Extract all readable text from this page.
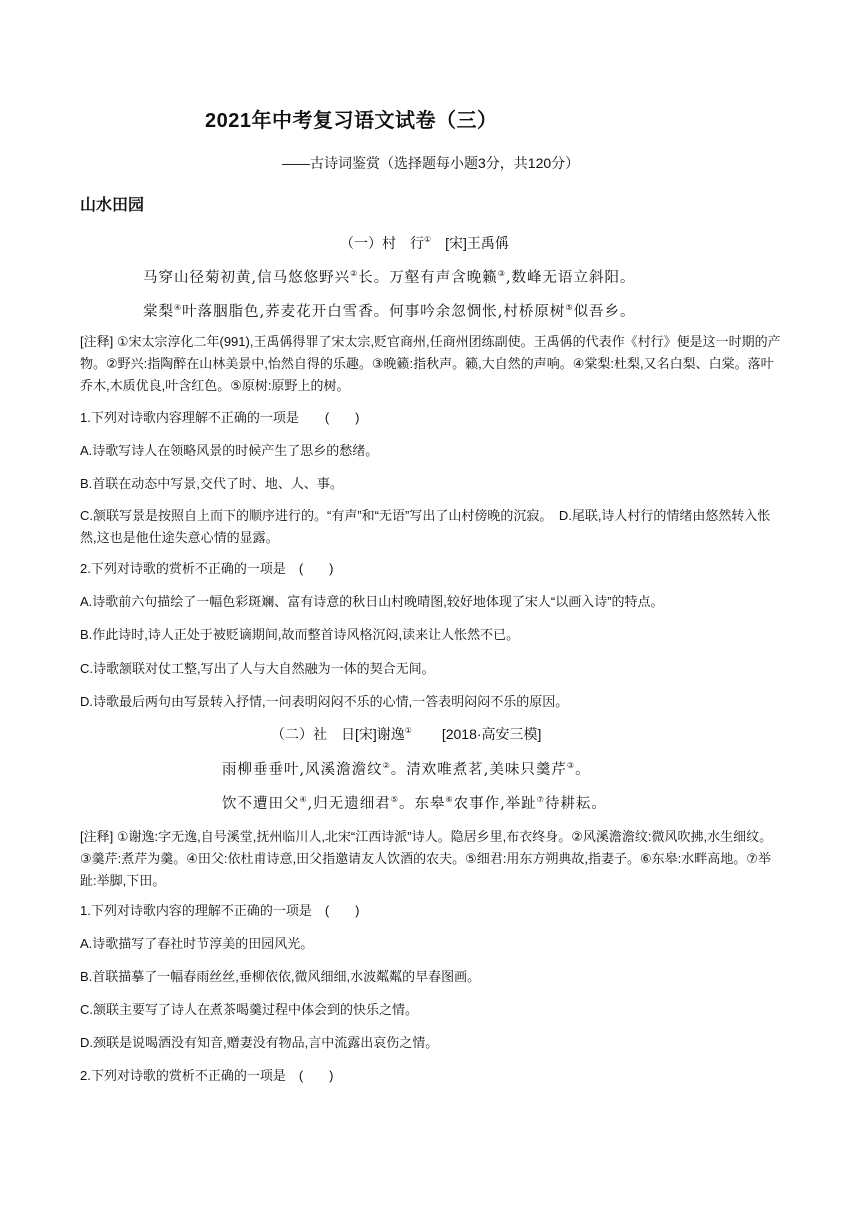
2021年中考复习语文试卷（三）
——古诗词鉴赏（选择题每小题3分，共120分）
山水田园
（一）村　行① [宋]王禹偁
马穿山径菊初黄,信马悠悠野兴②长。万壑有声含晚籁③,数峰无语立斜阳。
棠梨④叶落胭脂色,荞麦花开白雪香。何事吟余忽惆怅,村桥原树⑤似吾乡。
[注释] ①宋太宗淳化二年(991),王禹偁得罪了宋太宗,贬官商州,任商州团练副使。王禹偁的代表作《村行》便是这一时期的产物。②野兴:指陶醉在山林美景中,怡然自得的乐趣。③晚籁:指秋声。籁,大自然的声响。④棠梨:杜梨,又名白梨、白棠。落叶乔木,木质优良,叶含红色。⑤原树:原野上的树。
1.下列对诗歌内容理解不正确的一项是　　(　　)
A.诗歌写诗人在领略风景的时候产生了思乡的愁绪。
B.首联在动态中写景,交代了时、地、人、事。
C.颔联写景是按照自上而下的顺序进行的。“有声”和“无语”写出了山村傍晚的沉寂。　D.尾联,诗人村行的情绪由悠然转入怅然,这也是他仕途失意心情的显露。
2.下列对诗歌的赏析不正确的一项是　(　　)
A.诗歌前六句描绘了一幅色彩斑斓、富有诗意的秋日山村晚晴图,较好地体现了宋人“以画入诗”的特点。
B.作此诗时,诗人正处于被贬谪期间,故而整首诗风格沉闷,读来让人怅然不已。
C.诗歌颔联对仗工整,写出了人与大自然融为一体的契合无间。
D.诗歌最后两句由写景转入抒情,一问表明闷闷不乐的心情,一答表明闷闷不乐的原因。
（二）社　日[宋]谢逸① [2018·高安三模]
雨柳垂垂叶,风溪澹澹纹②。清欢唯煮茗,美味只羹芹③。
饮不遭田父④,归无遗细君⑤。东皋⑥农事作,举趾⑦待耕耘。
[注释] ①谢逸:字无逸,自号溪堂,抚州临川人,北宋“江西诗派”诗人。隐居乡里,布衣终身。②风溪澹澹纹:微风吹拂,水生细纹。③羹芹:煮芹为羹。④田父:依杜甫诗意,田父指邀请友人饮酒的农夫。⑤细君:用东方朔典故,指妻子。⑥东皋:水畔高地。⑦举趾:举脚,下田。
1.下列对诗歌内容的理解不正确的一项是　(　　)
A.诗歌描写了春社时节淳美的田园风光。
B.首联描摹了一幅春雨丝丝,垂柳依依,微风细细,水波粼粼的早春图画。
C.颔联主要写了诗人在煮茶喝羹过程中体会到的快乐之情。
D.颈联是说喝酒没有知音,赠妻没有物品,言中流露出哀伤之情。
2.下列对诗歌的赏析不正确的一项是　(　　)
